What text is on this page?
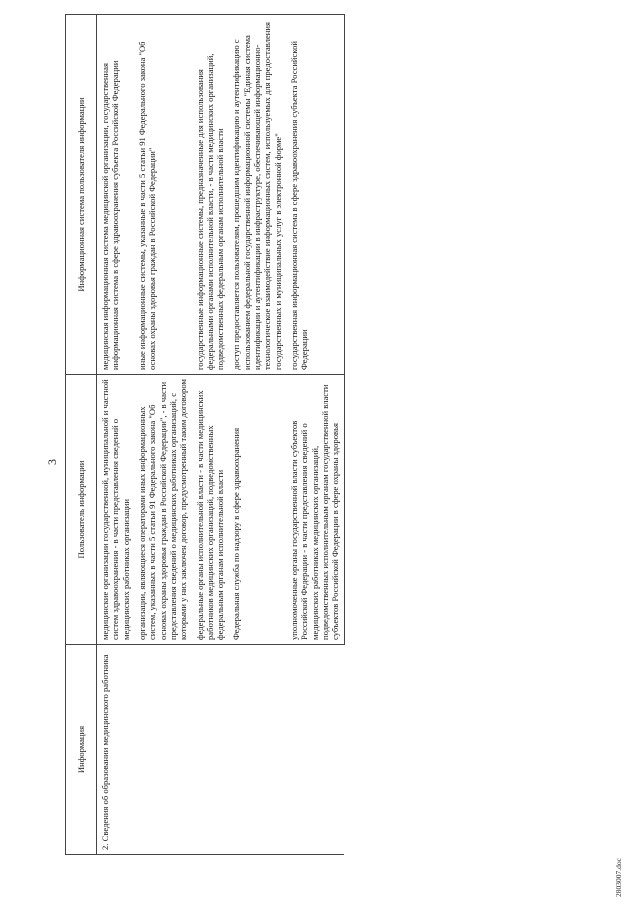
3
Информация	Пользователь информации	Информационная система пользователя информации
2. Сведения об образовании медицинского работника	медицинские организации государственной, муниципальной и частной систем здравоохранения - в части представления сведений о медицинских работниках организации	медицинская информационная система медицинской организации, государственная информационная система в сфере здравоохранения субъекта Российской Федерации
	организации, являющиеся операторами иных информационных систем, указанных в части 5 статьи 91 Федерального закона "Об основах охраны здоровья граждан в Российской Федерации", - в части представления сведений о медицинских работниках организаций, с которыми у них заключен договор, предусмотренный таким договором	иные информационные системы, указанные в части 5 статьи 91 Федерального закона "Об основах охраны здоровья граждан в Российской Федерации"
	федеральные органы исполнительной власти - в части медицинских работников медицинских организаций, подведомственных федеральным органам исполнительной власти	государственные информационные системы, предназначенные для использования федеральными органами исполнительной власти, - в части медицинских организаций, подведомственных федеральным органам исполнительной власти
	Федеральная служба по надзору в сфере здравоохранения	доступ предоставляется пользователям, прошедшим идентификацию и аутентификацию с использованием федеральной государственной информационной системы "Единая система идентификации и аутентификации в инфраструктуре, обеспечивающей информационно-технологическое взаимодействие информационных систем, используемых для предоставления государственных и муниципальных услуг в электронной форме"
	уполномоченные органы государственной власти субъектов Российской Федерации - в части представления сведений о медицинских работниках медицинских организаций, подведомственных исполнительным органам государственной власти субъектов Российской Федерации в сфере охраны здоровья	государственная информационная система в сфере здравоохранения субъекта Российской Федерации
2803007.doc
